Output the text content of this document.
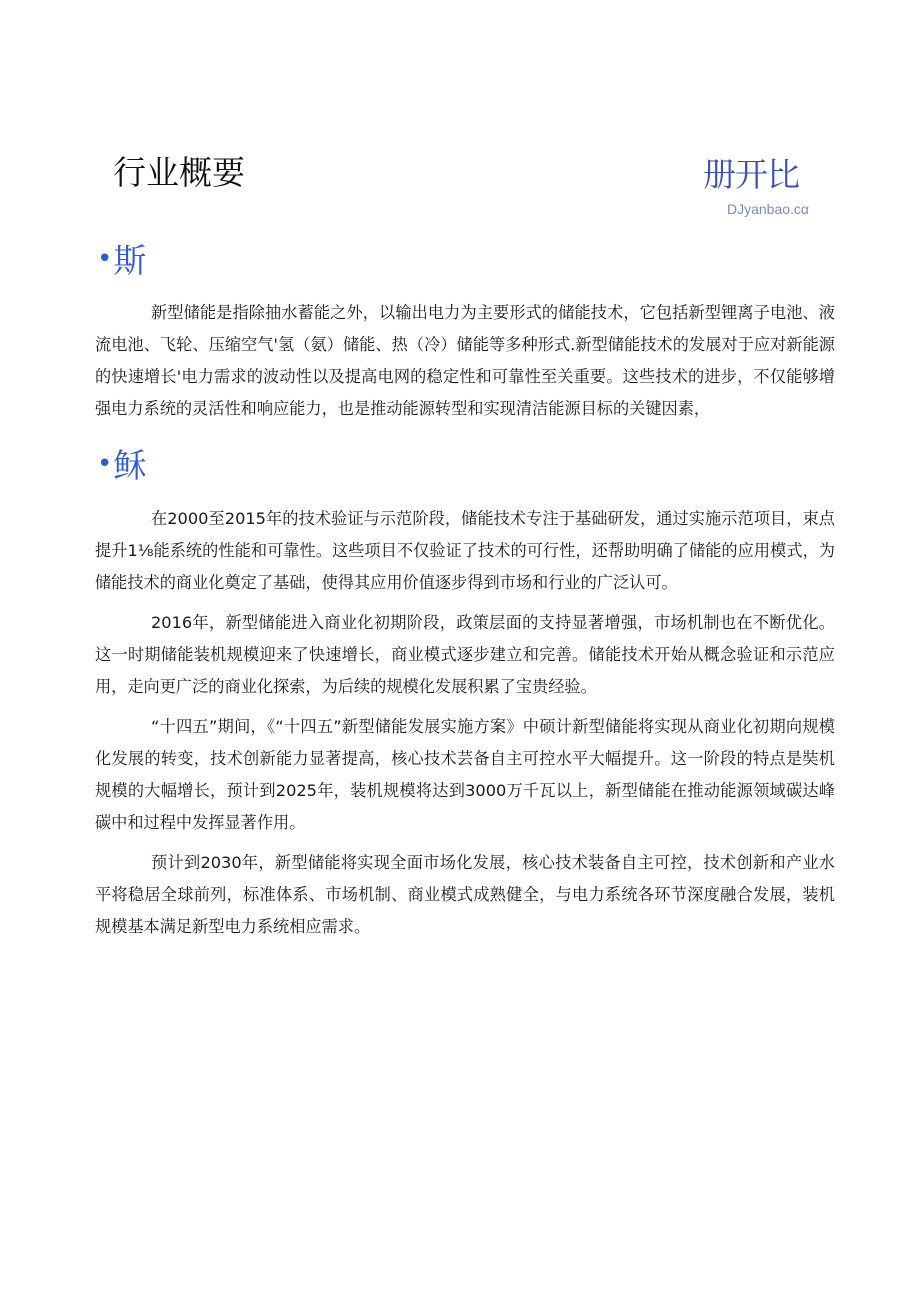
行业概要	册开比
DJyanbao.cα
•斯

新型储能是指除抽水蓄能之外，以输出电力为主要形式的储能技术，它包括新型锂离子电池、液流电池、飞轮、压缩空气'氢（氨）储能、热（冷）储能等多种形式.新型储能技术的发展对于应对新能源的快速增长'电力需求的波动性以及提高电网的稳定性和可靠性至关重要。这些技术的进步，不仅能够增强电力系统的灵活性和响应能力，也是推动能源转型和实现清洁能源目标的关键因素，

•稣

在2000至2015年的技术验证与示范阶段，储能技术专注于基础研发，通过实施示范项目，束点提升1⅛能系统的性能和可靠性。这些项目不仅验证了技术的可行性，还帮助明确了储能的应用模式，为储能技术的商业化奠定了基础，使得其应用价值逐步得到市场和行业的广泛认可。

2016年，新型储能进入商业化初期阶段，政策层面的支持显著增强，市场机制也在不断优化。这一时期储能装机规模迎来了快速增长，商业模式逐步建立和完善。储能技术开始从概念验证和示范应用，走向更广泛的商业化探索，为后续的规模化发展积累了宝贵经验。

“十四五”期间，《“十四五”新型储能发展实施方案》中硕计新型储能将实现从商业化初期向规模化发展的转变，技术创新能力显著提高，核心技术芸备自主可控水平大幅提升。这一阶段的特点是奘机规模的大幅增长，预计到2025年，装机规模将达到3000万千瓦以上，新型储能在推动能源领域碳达峰碳中和过程中发挥显著作用。

预计到2030年，新型储能将实现全面市场化发展，核心技术装备自主可控，技术创新和产业水平将稳居全球前列，标准体系、市场机制、商业模式成熟健全，与电力系统各环节深度融合发展，装机规模基本满足新型电力系统相应需求。
